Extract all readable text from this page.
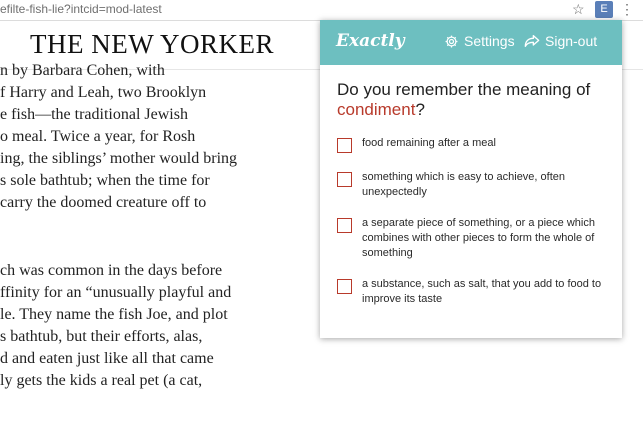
efilte-fish-lie?intcid=mod-latest	☆	E ⋮
THE NEW YORKER

n by Barbara Cohen, with

f Harry and Leah, two Brooklyn

e fish—the traditional Jewish

o meal. Twice a year, for Rosh

ing, the siblings’ mother would bring

s sole bathtub; when the time for

carry the doomed creature off to

ch was common in the days before

ffinity for an “unusually playful and

le. They name the fish Joe, and plot

s bathtub, but their efforts, alas,

d and eaten just like all that came

ly gets the kids a real pet (a cat,

Exactly	Settings Sign-out
Do you remember the meaning of condiment?
food remaining after a meal
something which is easy to achieve, often unexpectedly
a separate piece of something, or a piece which combines with other pieces to form the whole of something
a substance, such as salt, that you add to food to improve its taste
